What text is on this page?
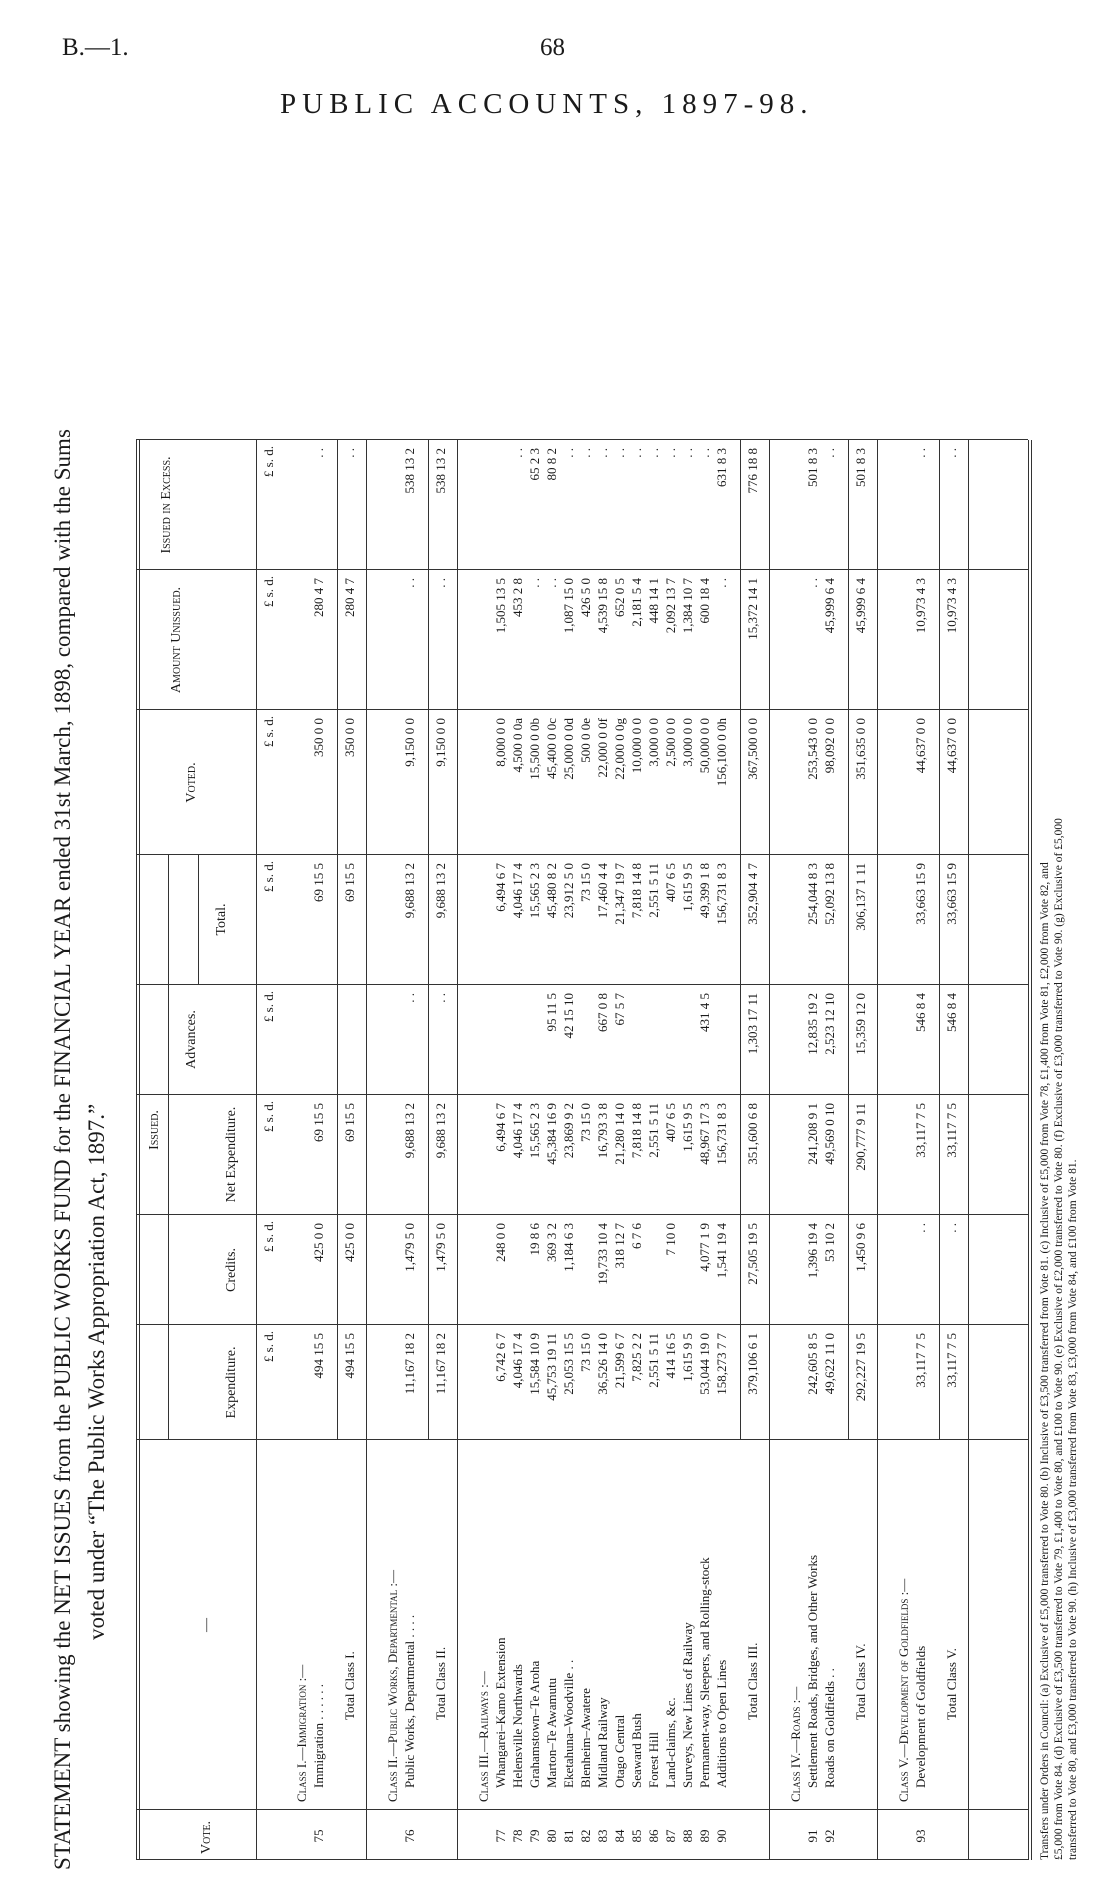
B.—1.	68
PUBLIC ACCOUNTS, 1897-98.
STATEMENT showing the NET ISSUES from the PUBLIC WORKS FUND for the FINANCIAL YEAR ended 31st March, 1898, compared with the Sums voted under “The Public Works Appropriation Act, 1897.”
Vote.
—
Issued.
Expenditure.
Credits.
Net Expenditure.
Advances.
Total.
Voted.
Amount Unissued.
Issued in Excess.
£ s. d.
£ s. d.
£ s. d.
£ s. d.
£ s. d.
£ s. d.
£ s. d.
£ s. d.
Class I.—Immigration :—
75
Immigration . . . . . .
494 15 5
425 0 0
69 15 5
69 15 5
350 0 0
280 4 7
. .
Total Class I.
494 15 5
425 0 0
69 15 5
69 15 5
350 0 0
280 4 7
. .
Class II.—Public Works, Departmental :—
76
Public Works, Departmental . . . .
11,167 18 2
1,479 5 0
9,688 13 2
. .
9,688 13 2
9,150 0 0
. .
538 13 2
Total Class II.
11,167 18 2
1,479 5 0
9,688 13 2
. .
9,688 13 2
9,150 0 0
. .
538 13 2
Class III.—Railways :—
77
Whangarei–Kamo Extension
6,742 6 7
248 0 0
6,494 6 7
6,494 6 7
8,000 0 0
1,505 13 5
78
Helensville Northwards
4,046 17 4
4,046 17 4
4,046 17 4
4,500 0 0a
453 2 8
. .
79
Grahamstown–Te Aroha
15,584 10 9
19 8 6
15,565 2 3
15,565 2 3
15,500 0 0b
. .
65 2 3
80
Marton–Te Awamutu
45,753 19 11
369 3 2
45,384 16 9
95 11 5
45,480 8 2
45,400 0 0c
. .
80 8 2
81
Eketahuna–Woodville . .
25,053 15 5
1,184 6 3
23,869 9 2
42 15 10
23,912 5 0
25,000 0 0d
1,087 15 0
. .
82
Blenheim–Awatere
73 15 0
73 15 0
73 15 0
500 0 0e
426 5 0
. .
83
Midland Railway
36,526 14 0
19,733 10 4
16,793 3 8
667 0 8
17,460 4 4
22,000 0 0f
4,539 15 8
. .
84
Otago Central
21,599 6 7
318 12 7
21,280 14 0
67 5 7
21,347 19 7
22,000 0 0g
652 0 5
. .
85
Seaward Bush
7,825 2 2
6 7 6
7,818 14 8
7,818 14 8
10,000 0 0
2,181 5 4
. .
86
Forest Hill
2,551 5 11
2,551 5 11
2,551 5 11
3,000 0 0
448 14 1
. .
87
Land-claims, &c.
414 16 5
7 10 0
407 6 5
407 6 5
2,500 0 0
2,092 13 7
. .
88
Surveys, New Lines of Railway
1,615 9 5
1,615 9 5
1,615 9 5
3,000 0 0
1,384 10 7
. .
89
Permanent-way, Sleepers, and Rolling-stock
53,044 19 0
4,077 1 9
48,967 17 3
431 4 5
49,399 1 8
50,000 0 0
600 18 4
. .
90
Additions to Open Lines
158,273 7 7
1,541 19 4
156,731 8 3
156,731 8 3
156,100 0 0h
. .
631 8 3
Total Class III.
379,106 6 1
27,505 19 5
351,600 6 8
1,303 17 11
352,904 4 7
367,500 0 0
15,372 14 1
776 18 8
Class IV.—Roads :—
91
Settlement Roads, Bridges, and Other Works
242,605 8 5
1,396 19 4
241,208 9 1
12,835 19 2
254,044 8 3
253,543 0 0
. .
501 8 3
92
Roads on Goldfields . .
49,622 11 0
53 10 2
49,569 0 10
2,523 12 10
52,092 13 8
98,092 0 0
45,999 6 4
. .
Total Class IV.
292,227 19 5
1,450 9 6
290,777 9 11
15,359 12 0
306,137 1 11
351,635 0 0
45,999 6 4
501 8 3
Class V.—Development of Goldfields :—
93
Development of Goldfields
33,117 7 5
. .
33,117 7 5
546 8 4
33,663 15 9
44,637 0 0
10,973 4 3
. .
Total Class V.
33,117 7 5
. .
33,117 7 5
546 8 4
33,663 15 9
44,637 0 0
10,973 4 3
. .
Transfers under Orders in Council: (a) Exclusive of £5,000 transferred to Vote 80. (b) Inclusive of £3,500 transferred from Vote 81. (c) Inclusive of £5,000 from Vote 78, £1,400 from Vote 81, £2,000 from Vote 82, and £5,000 from Vote 84. (d) Exclusive of £3,500 transferred to Vote 79, £1,400 to Vote 80, and £100 to Vote 90. (e) Exclusive of £2,000 transferred to Vote 80. (f) Exclusive of £3,000 transferred to Vote 90. (g) Exclusive of £5,000 transferred to Vote 80, and £3,000 transferred to Vote 90. (h) Inclusive of £3,000 transferred from Vote 83, £3,000 from Vote 84, and £100 from Vote 81.
